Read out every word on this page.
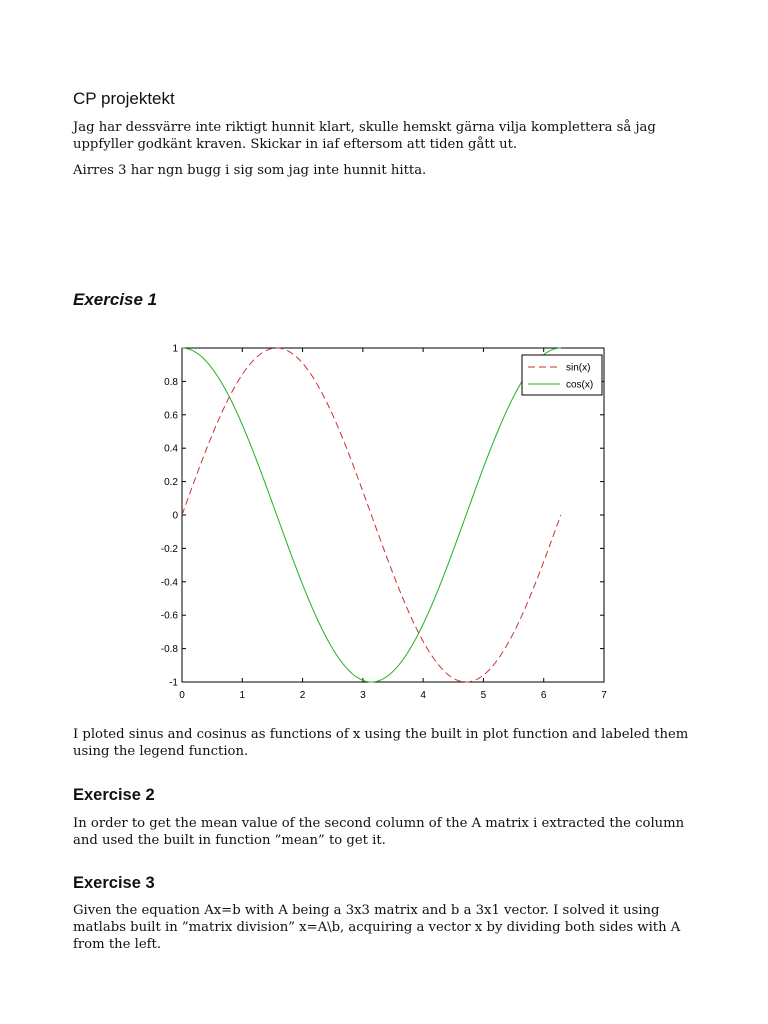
CP projektekt

Jag har dessvärre inte riktigt hunnit klart, skulle hemskt gärna vilja komplettera så jag uppfyller godkänt kraven. Skickar in iaf eftersom att tiden gått ut.

Airres 3 har ngn bugg i sig som jag inte hunnit hitta.

Exercise 1
0	1	2	3	4	5	6	7
1
0.8
0.6
0.4
0.2
0
-0.2
-0.4
-0.6
-0.8
-1
sin(x)
cos(x)

I ploted sinus and cosinus as functions of x using the built in plot function and labeled them using the legend function.

Exercise 2

In order to get the mean value of the second column of the A matrix i extracted the column and used the built in function ”mean” to get it.

Exercise 3

Given the equation Ax=b with A being a 3x3 matrix and b a 3x1 vector. I solved it using matlabs built in ”matrix division” x=A\b, acquiring a vector x by dividing both sides with A from the left.
